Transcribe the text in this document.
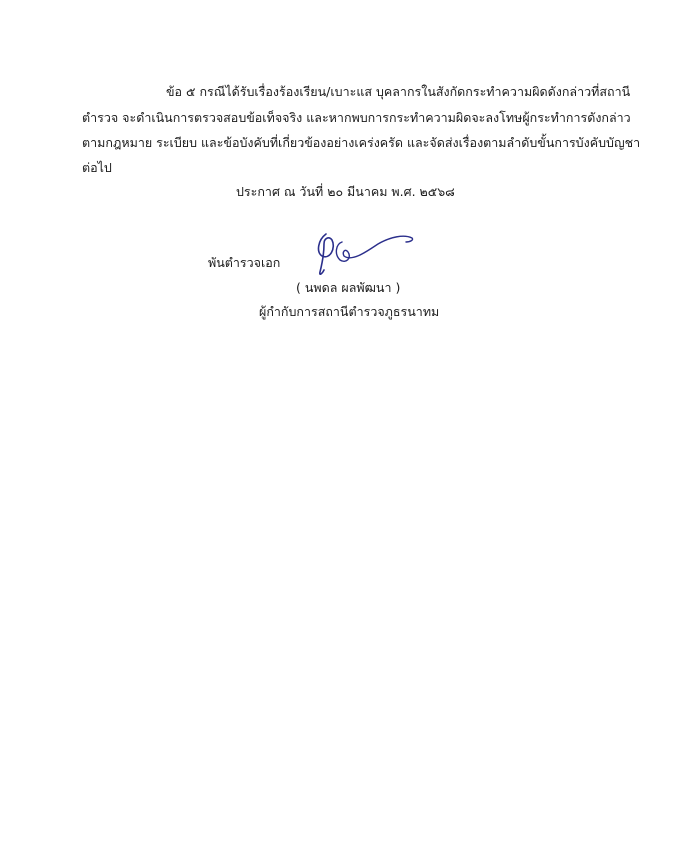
ข้อ ๕ กรณีได้รับเรื่องร้องเรียน/เบาะแส บุคลากรในสังกัดกระทำความผิดดังกล่าวที่สถานี
ตำรวจ จะดำเนินการตรวจสอบข้อเท็จจริง และหากพบการกระทำความผิดจะลงโทษผู้กระทำการดังกล่าว
ตามกฎหมาย ระเบียบ และข้อบังคับที่เกี่ยวข้องอย่างเคร่งครัด และจัดส่งเรื่องตามลำดับขั้นการบังคับบัญชา
ต่อไป
ประกาศ ณ วันที่ ๒๐ มีนาคม พ.ศ. ๒๕๖๘
พันตำรวจเอก
( นพดล ผลพัฒนา )
ผู้กำกับการสถานีตำรวจภูธรนาทม
